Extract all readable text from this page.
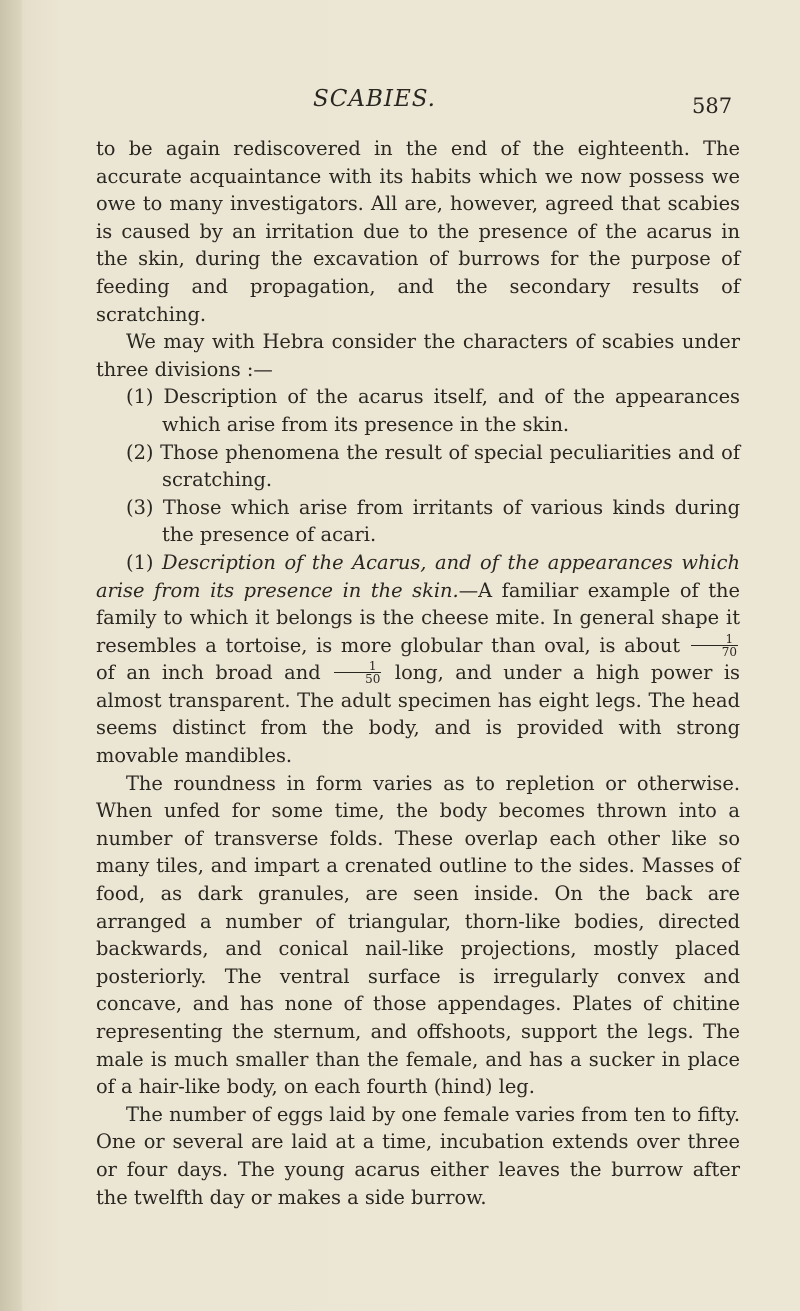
SCABIES.	587

to be again rediscovered in the end of the eighteenth. The accurate acquaintance with its habits which we now possess we owe to many investigators. All are, however, agreed that scabies is caused by an irritation due to the presence of the acarus in the skin, during the excavation of burrows for the purpose of feeding and propagation, and the secondary results of scratching.

We may with Hebra consider the characters of scabies under three divisions :—

(1) Description of the acarus itself, and of the appearances which arise from its presence in the skin.

(2) Those phenomena the result of special peculiarities and of scratching.

(3) Those which arise from irritants of various kinds during the presence of acari.

(1) Description of the Acarus, and of the appearances which arise from its presence in the skin.—A familiar example of the family to which it belongs is the cheese mite. In general shape it resembles a tortoise, is more globular than oval, is about $\frac{1}{70}$
of an inch broad and $\frac{1}{50}$ long, and under a high power is almost transparent. The adult specimen has eight legs. The head seems distinct from the body, and is provided with strong movable mandibles.

The roundness in form varies as to repletion or otherwise. When unfed for some time, the body becomes thrown into a number of transverse folds. These overlap each other like so many tiles, and impart a crenated outline to the sides. Masses of food, as dark granules, are seen inside. On the back are arranged a number of triangular, thorn-like bodies, directed backwards, and conical nail-like projections, mostly placed posteriorly. The ventral surface is irregularly convex and concave, and has none of those appendages. Plates of chitine representing the sternum, and offshoots, support the legs. The male is much smaller than the female, and has a sucker in place of a hair-like body, on each fourth (hind) leg.

The number of eggs laid by one female varies from ten to fifty. One or several are laid at a time, incubation extends over three or four days. The young acarus either leaves the burrow after the twelfth day or makes a side burrow.
